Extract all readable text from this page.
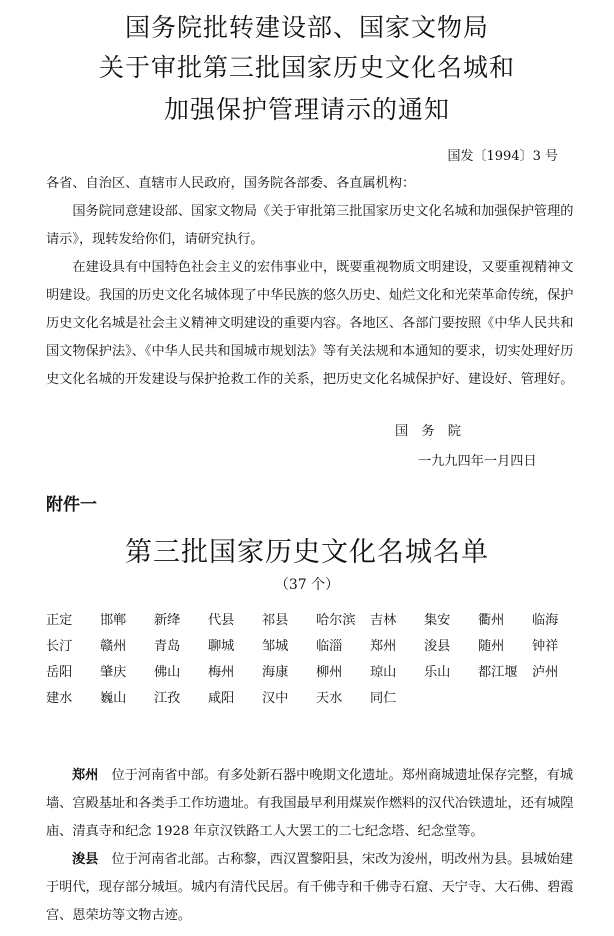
国务院批转建设部、国家文物局
关于审批第三批国家历史文化名城和
加强保护管理请示的通知
国发〔1994〕3 号

各省、自治区、直辖市人民政府，国务院各部委、各直属机构：

　　国务院同意建设部、国家文物局《关于审批第三批国家历史文化名城和加强保护管理的请示》，现转发给你们，请研究执行。

　　在建设具有中国特色社会主义的宏伟事业中，既要重视物质文明建设，又要重视精神文明建设。我国的历史文化名城体现了中华民族的悠久历史、灿烂文化和光荣革命传统，保护历史文化名城是社会主义精神文明建设的重要内容。各地区、各部门要按照《中华人民共和国文物保护法》、《中华人民共和国城市规划法》等有关法规和本通知的要求，切实处理好历史文化名城的开发建设与保护抢救工作的关系，把历史文化名城保护好、建设好、管理好。

国　务　院
一九九四年一月四日
附件一
第三批国家历史文化名城名单
（37 个）
正定	邯郸	新绛	代县	祁县	哈尔滨	吉林	集安	衢州	临海
长汀	赣州	青岛	聊城	邹城	临淄	郑州	浚县	随州	钟祥
岳阳	肇庆	佛山	梅州	海康	柳州	琼山	乐山	都江堰	泸州
建水	巍山	江孜	咸阳	汉中	天水	同仁

郑州　位于河南省中部。有多处新石器中晚期文化遗址。郑州商城遗址保存完整，有城墙、宫殿基址和各类手工作坊遗址。有我国最早利用煤炭作燃料的汉代冶铁遗址，还有城隍庙、清真寺和纪念 1928 年京汉铁路工人大罢工的二七纪念塔、纪念堂等。

浚县　位于河南省北部。古称黎，西汉置黎阳县，宋改为浚州，明改州为县。县城始建于明代，现存部分城垣。城内有清代民居。有千佛寺和千佛寺石窟、天宁寺、大石佛、碧霞宫、恩荣坊等文物古迹。
